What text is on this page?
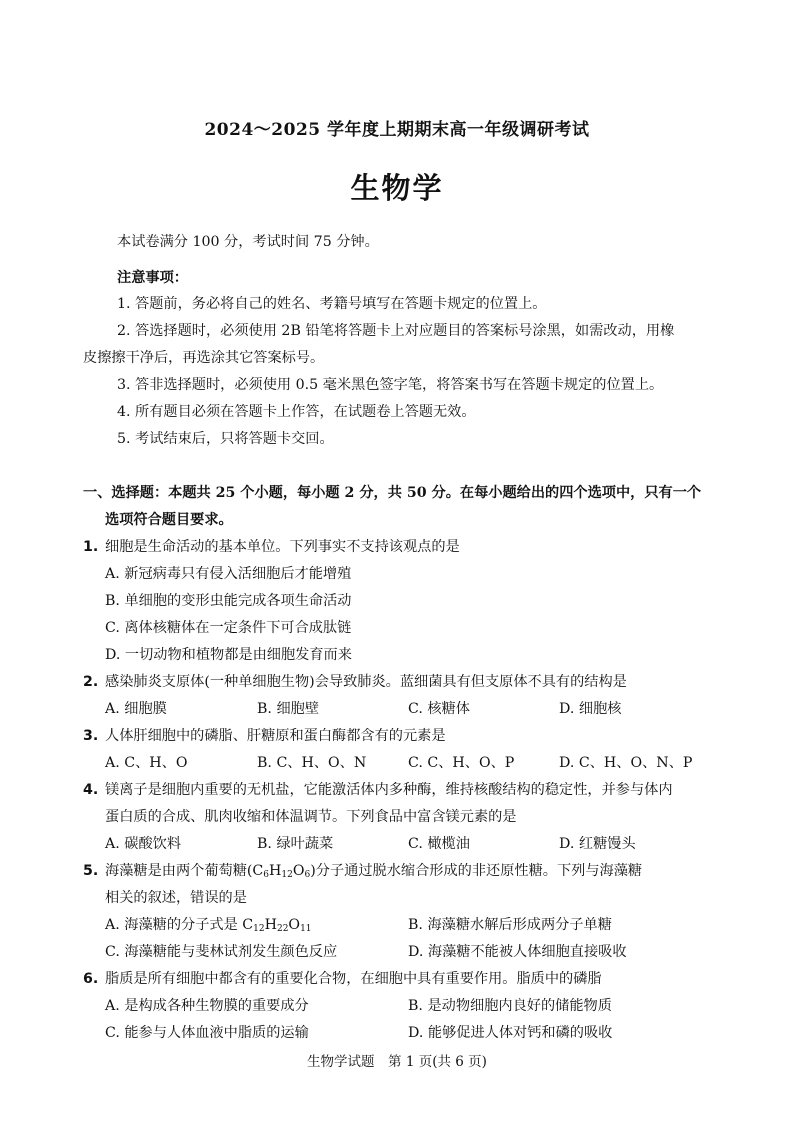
2024～2025 学年度上期期末高一年级调研考试
生物学
本试卷满分 100 分，考试时间 75 分钟。
注意事项：
1. 答题前，务必将自己的姓名、考籍号填写在答题卡规定的位置上。
2. 答选择题时，必须使用 2B 铅笔将答题卡上对应题目的答案标号涂黑，如需改动，用橡
皮擦擦干净后，再选涂其它答案标号。
3. 答非选择题时，必须使用 0.5 毫米黑色签字笔，将答案书写在答题卡规定的位置上。
4. 所有题目必须在答题卡上作答，在试题卷上答题无效。
5. 考试结束后，只将答题卡交回。
一、选择题：本题共 25 个小题，每小题 2 分，共 50 分。在每小题给出的四个选项中，只有一个
选项符合题目要求。
1. 细胞是生命活动的基本单位。下列事实不支持该观点的是
A. 新冠病毒只有侵入活细胞后才能增殖
B. 单细胞的变形虫能完成各项生命活动
C. 离体核糖体在一定条件下可合成肽链
D. 一切动物和植物都是由细胞发育而来
2. 感染肺炎支原体(一种单细胞生物)会导致肺炎。蓝细菌具有但支原体不具有的结构是
A. 细胞膜	B. 细胞壁	C. 核糖体	D. 细胞核
3. 人体肝细胞中的磷脂、肝糖原和蛋白酶都含有的元素是
A. C、H、O	B. C、H、O、N	C. C、H、O、P	D. C、H、O、N、P
4. 镁离子是细胞内重要的无机盐，它能激活体内多种酶，维持核酸结构的稳定性，并参与体内
蛋白质的合成、肌肉收缩和体温调节。下列食品中富含镁元素的是
A. 碳酸饮料	B. 绿叶蔬菜	C. 橄榄油	D. 红糖馒头
5. 海藻糖是由两个葡萄糖$(C_6H_{12}O_6)$分子通过脱水缩合形成的非还原性糖。下列与海藻糖
相关的叙述，错误的是
A. 海藻糖的分子式是 $C_{12}H_{22}O_{11}$	B. 海藻糖水解后形成两分子单糖
C. 海藻糖能与斐林试剂发生颜色反应	D. 海藻糖不能被人体细胞直接吸收
6. 脂质是所有细胞中都含有的重要化合物，在细胞中具有重要作用。脂质中的磷脂
A. 是构成各种生物膜的重要成分	B. 是动物细胞内良好的储能物质
C. 能参与人体血液中脂质的运输	D. 能够促进人体对钙和磷的吸收
生物学试题　第 1 页(共 6 页)
